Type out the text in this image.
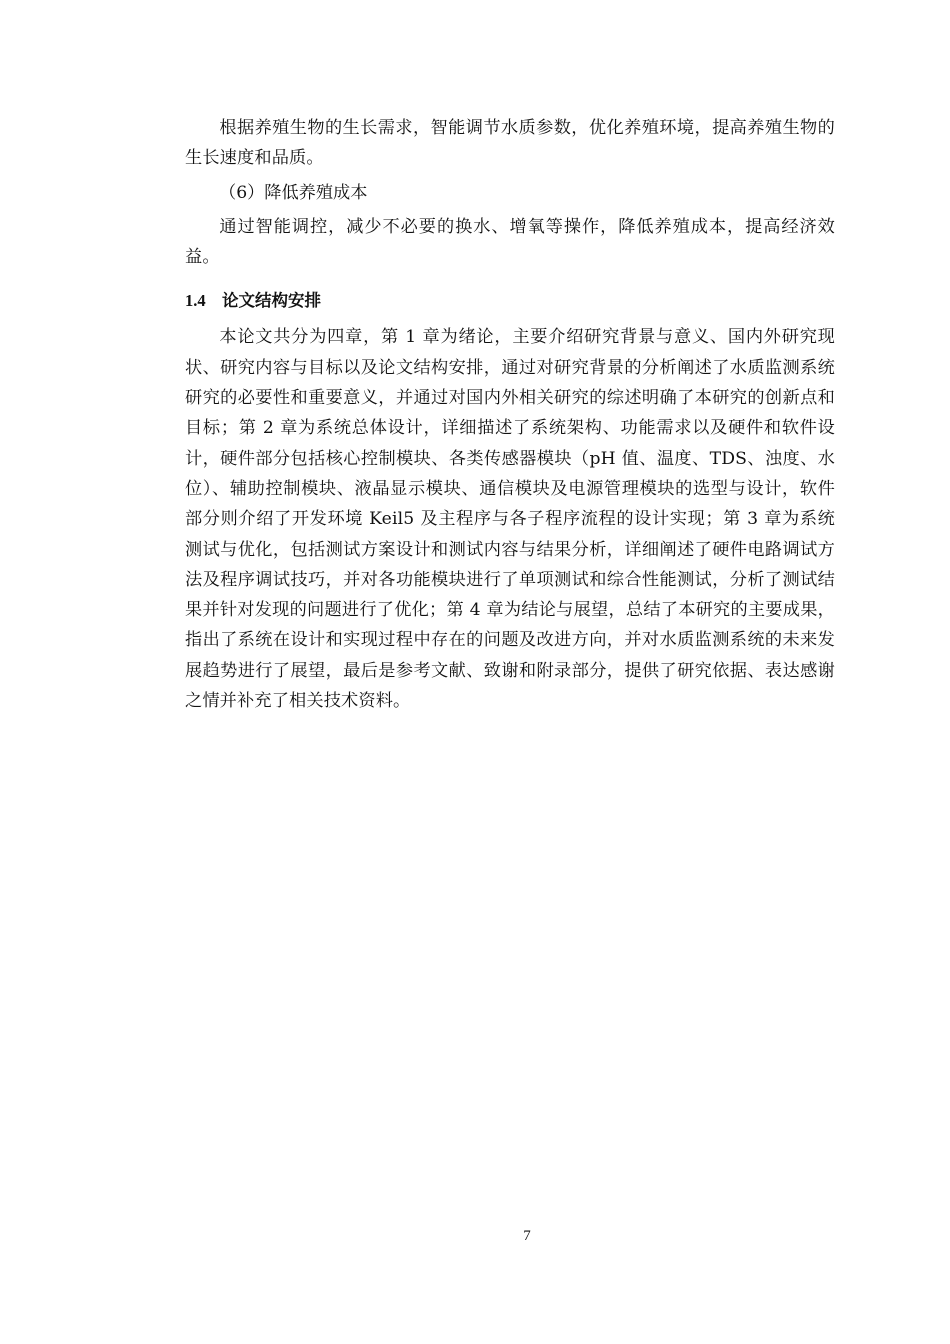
根据养殖生物的生长需求，智能调节水质参数，优化养殖环境，提高养殖生物的生长速度和品质。

（6）降低养殖成本

通过智能调控，减少不必要的换水、增氧等操作，降低养殖成本，提高经济效益。

1.4 论文结构安排

本论文共分为四章，第 1 章为绪论，主要介绍研究背景与意义、国内外研究现状、研究内容与目标以及论文结构安排，通过对研究背景的分析阐述了水质监测系统研究的必要性和重要意义，并通过对国内外相关研究的综述明确了本研究的创新点和目标；第 2 章为系统总体设计，详细描述了系统架构、功能需求以及硬件和软件设计，硬件部分包括核心控制模块、各类传感器模块（pH 值、温度、TDS、浊度、水位）、辅助控制模块、液晶显示模块、通信模块及电源管理模块的选型与设计，软件部分则介绍了开发环境 Keil5 及主程序与各子程序流程的设计实现；第 3 章为系统测试与优化，包括测试方案设计和测试内容与结果分析，详细阐述了硬件电路调试方法及程序调试技巧，并对各功能模块进行了单项测试和综合性能测试，分析了测试结果并针对发现的问题进行了优化；第 4 章为结论与展望，总结了本研究的主要成果，指出了系统在设计和实现过程中存在的问题及改进方向，并对水质监测系统的未来发展趋势进行了展望，最后是参考文献、致谢和附录部分，提供了研究依据、表达感谢之情并补充了相关技术资料。

7
